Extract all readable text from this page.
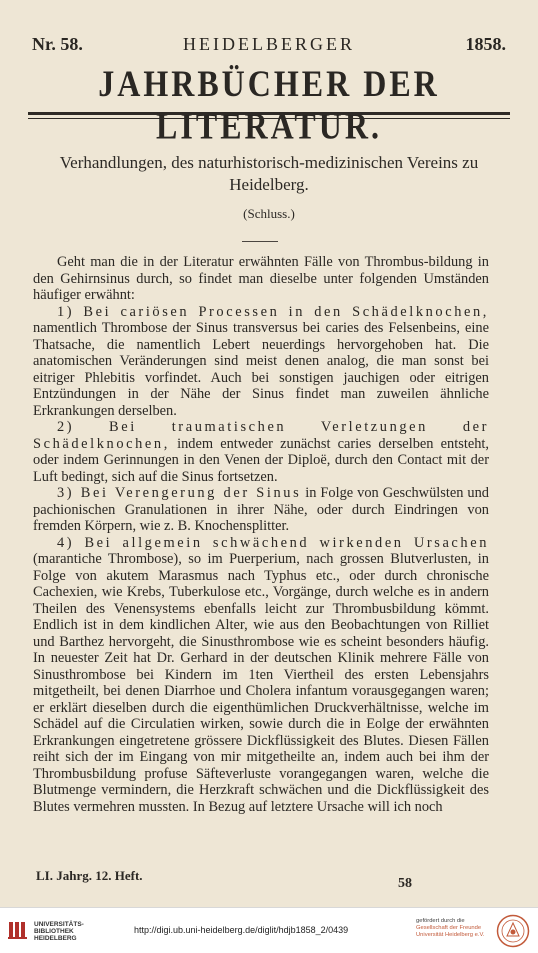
Nr. 58.	HEIDELBERGER	1858.
JAHRBÜCHER DER LITERATUR.
Verhandlungen, des naturhistorisch-medizinischen Vereins zu Heidelberg.
(Schluss.)

Geht man die in der Literatur erwähnten Fälle von Thrombus-bildung in den Gehirnsinus durch, so findet man dieselbe unter folgenden Umständen häufiger erwähnt:

1) Bei cariösen Processen in den Schädelknochen, namentlich Thrombose der Sinus transversus bei caries des Felsenbeins, eine Thatsache, die namentlich Lebert neuerdings hervorgehoben hat. Die anatomischen Veränderungen sind meist denen analog, die man sonst bei eitriger Phlebitis vorfindet. Auch bei sonstigen jauchigen oder eitrigen Entzündungen in der Nähe der Sinus findet man zuweilen ähnliche Erkrankungen derselben.

2) Bei traumatischen Verletzungen der Schädelknochen, indem entweder zunächst caries derselben entsteht, oder indem Gerinnungen in den Venen der Diploë, durch den Contact mit der Luft bedingt, sich auf die Sinus fortsetzen.

3) Bei Verengerung der Sinus in Folge von Geschwülsten und pachionischen Granulationen in ihrer Nähe, oder durch Eindringen von fremden Körpern, wie z. B. Knochensplitter.

4) Bei allgemein schwächend wirkenden Ursachen (marantiche Thrombose), so im Puerperium, nach grossen Blutverlusten, in Folge von akutem Marasmus nach Typhus etc., oder durch chronische Cachexien, wie Krebs, Tuberkulose etc., Vorgänge, durch welche es in andern Theilen des Venensystems ebenfalls leicht zur Thrombusbildung kömmt. Endlich ist in dem kindlichen Alter, wie aus den Beobachtungen von Rilliet und Barthez hervorgeht, die Sinusthrombose wie es scheint besonders häufig. In neuester Zeit hat Dr. Gerhard in der deutschen Klinik mehrere Fälle von Sinusthrombose bei Kindern im 1ten Viertheil des ersten Lebensjahrs mitgetheilt, bei denen Diarrhoe und Cholera infantum vorausgegangen waren; er erklärt dieselben durch die eigenthümlichen Druckverhältnisse, welche im Schädel auf die Circulatien wirken, sowie durch die in Eolge der erwähnten Erkrankungen eingetretene grössere Dickflüssigkeit des Blutes. Diesen Fällen reiht sich der im Eingang von mir mitgetheilte an, indem auch bei ihm der Thrombusbildung profuse Säfteverluste vorangegangen waren, welche die Blutmenge vermindern, die Herzkraft schwächen und die Dickflüssigkeit des Blutes vermehren mussten. In Bezug auf letztere Ursache will ich noch

LI. Jahrg. 12. Heft.
58
UNIVERSITÄTS-
BIBLIOTHEK
HEIDELBERG
http://digi.ub.uni-heidelberg.de/diglit/hdjb1858_2/0439
gefördert durch die
Gesellschaft der Freunde
Universität Heidelberg e.V.
